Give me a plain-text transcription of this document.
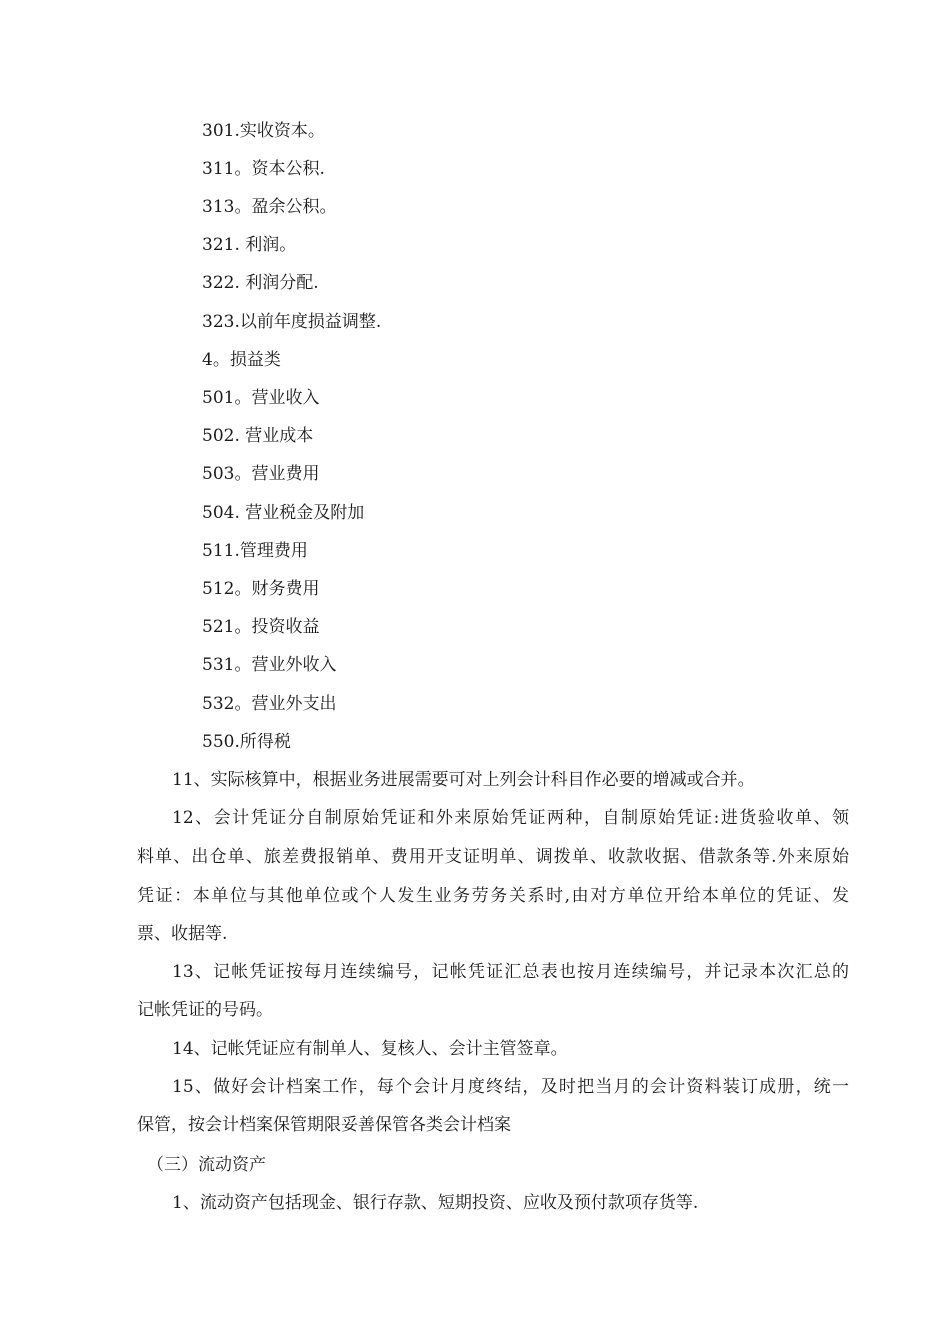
301.实收资本。
311。资本公积.
313。盈余公积。
321. 利润。
322. 利润分配.
323.以前年度损益调整.
4。损益类
501。营业收入
502. 营业成本
503。营业费用
504. 营业税金及附加
511.管理费用
512。财务费用
521。投资收益
531。营业外收入
532。营业外支出
550.所得税
11、实际核算中，根据业务进展需要可对上列会计科目作必要的增减或合并。
12、会计凭证分自制原始凭证和外来原始凭证两种，自制原始凭证:进货验收单、领
料单、出仓单、旅差费报销单、费用开支证明单、调拨单、收款收据、借款条等.外来原始
凭证：本单位与其他单位或个人发生业务劳务关系时,由对方单位开给本单位的凭证、发
票、收据等.
13、记帐凭证按每月连续编号，记帐凭证汇总表也按月连续编号，并记录本次汇总的
记帐凭证的号码。
14、记帐凭证应有制单人、复核人、会计主管签章。
15、做好会计档案工作，每个会计月度终结，及时把当月的会计资料装订成册，统一
保管，按会计档案保管期限妥善保管各类会计档案
（三）流动资产
1、流动资产包括现金、银行存款、短期投资、应收及预付款项存货等.
